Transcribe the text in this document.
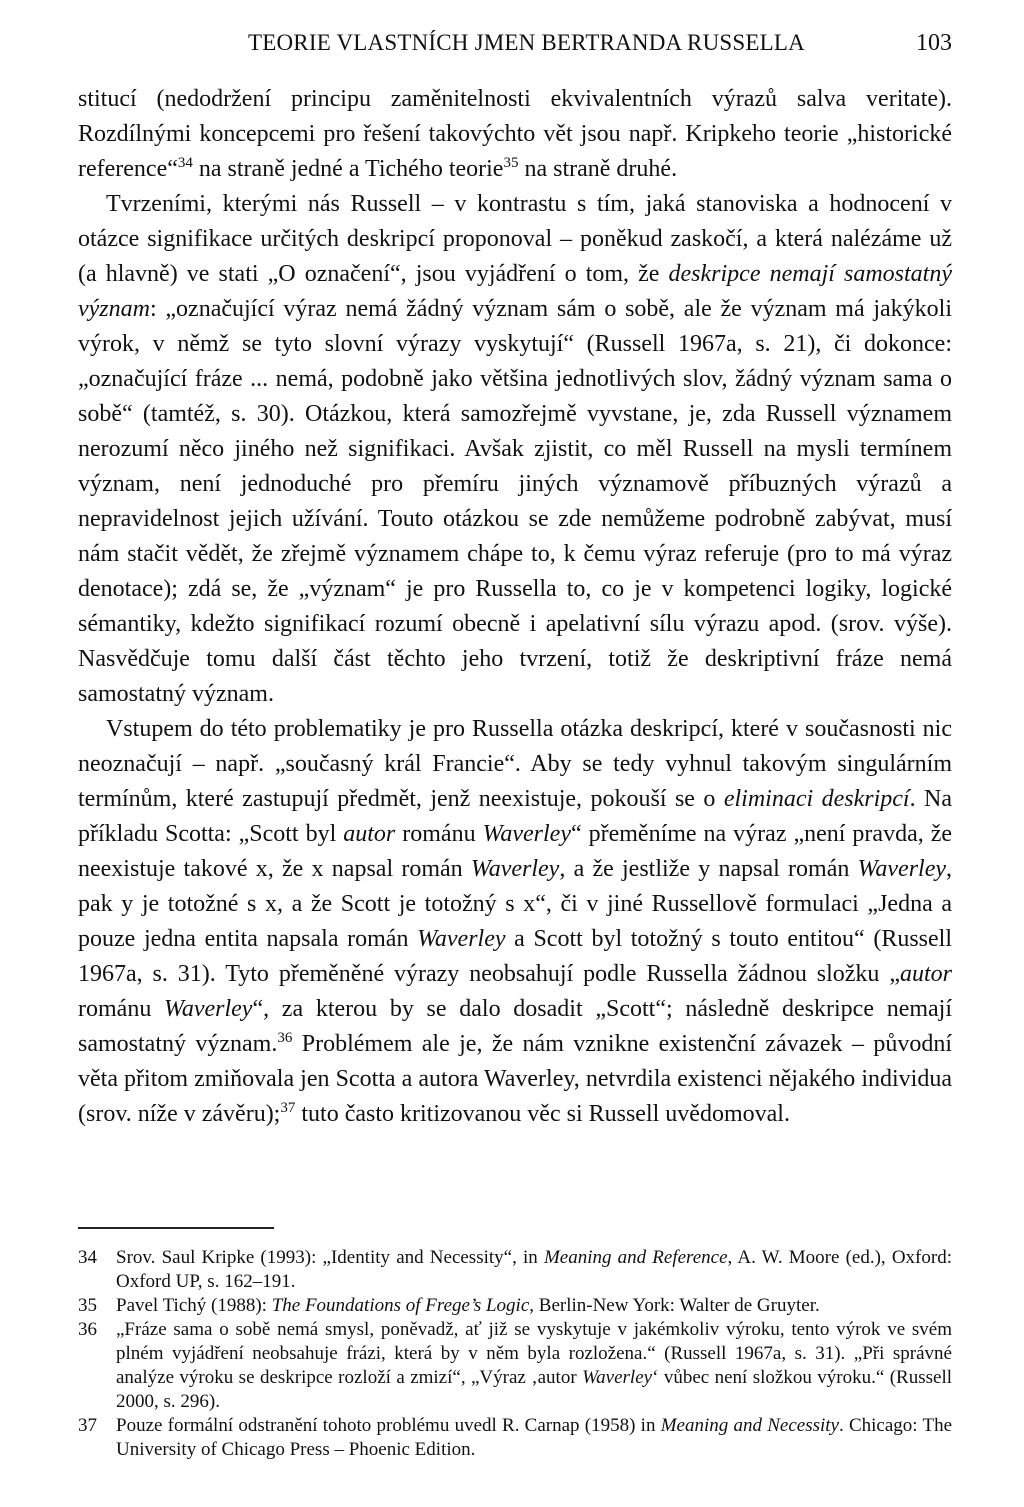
TEORIE VLASTNÍCH JMEN BERTRANDA RUSSELLA	103

stitucí (nedodržení principu zaměnitelnosti ekvivalentních výrazů salva veritate). Rozdílnými koncepcemi pro řešení takovýchto vět jsou např. Kripkeho teorie „historické reference“$^{34}$ na straně jedné a Tichého teorie$^{35}$ na straně druhé.

Tvrzeními, kterými nás Russell – v kontrastu s tím, jaká stanoviska a hodnocení v otázce signifikace určitých deskripcí proponoval – poněkud zaskočí, a která nalézáme už (a hlavně) ve stati „O označení“, jsou vyjádření o tom, že deskripce nemají samostatný význam: „označující výraz nemá žádný význam sám o sobě, ale že význam má jakýkoli výrok, v němž se tyto slovní výrazy vyskytují“ (Russell 1967a, s. 21), či dokonce: „označující fráze ... nemá, podobně jako většina jednotlivých slov, žádný význam sama o sobě“ (tamtéž, s. 30). Otázkou, která samozřejmě vyvstane, je, zda Russell významem nerozumí něco jiného než signifikaci. Avšak zjistit, co měl Russell na mysli termínem význam, není jednoduché pro přemíru jiných významově příbuzných výrazů a nepravidelnost jejich užívání. Touto otázkou se zde nemůžeme podrobně zabývat, musí nám stačit vědět, že zřejmě významem chápe to, k čemu výraz referuje (pro to má výraz denotace); zdá se, že „význam“ je pro Russella to, co je v kompetenci logiky, logické sémantiky, kdežto signifikací rozumí obecně i apelativní sílu výrazu apod. (srov. výše). Nasvědčuje tomu další část těchto jeho tvrzení, totiž že deskriptivní fráze nemá samostatný význam.

Vstupem do této problematiky je pro Russella otázka deskripcí, které v současnosti nic neoznačují – např. „současný král Francie“. Aby se tedy vyhnul takovým singulárním termínům, které zastupují předmět, jenž neexistuje, pokouší se o eliminaci deskripcí. Na příkladu Scotta: „Scott byl autor románu Waverley“ přeměníme na výraz „není pravda, že neexistuje takové x, že x napsal román Waverley, a že jestliže y napsal román Waverley, pak y je totožné s x, a že Scott je totožný s x“, či v jiné Russellově formulaci „Jedna a pouze jedna entita napsala román Waverley a Scott byl totožný s touto entitou“ (Russell 1967a, s. 31). Tyto přeměněné výrazy neobsahují podle Russella žádnou složku „autor románu Waverley“, za kterou by se dalo dosadit „Scott“; následně deskripce nemají samostatný význam.$^{36}$ Problémem ale je, že nám vznikne existenční závazek – původní věta přitom zmiňovala jen Scotta a autora Waverley, netvrdila existenci nějakého individua (srov. níže v závěru);$^{37}$ tuto často kritizovanou věc si Russell uvědomoval.

34 Srov. Saul Kripke (1993): „Identity and Necessity“, in Meaning and Reference, A. W. Moore (ed.), Oxford: Oxford UP, s. 162–191.
35 Pavel Tichý (1988): The Foundations of Frege’s Logic, Berlin-New York: Walter de Gruyter.
36 „Fráze sama o sobě nemá smysl, poněvadž, ať již se vyskytuje v jakémkoliv výroku, tento výrok ve svém plném vyjádření neobsahuje frázi, která by v něm byla rozložena.“ (Russell 1967a, s. 31). „Při správné analýze výroku se deskripce rozloží a zmizí“, „Výraz ‚autor Waverley‘ vůbec není složkou výroku.“ (Russell 2000, s. 296).
37 Pouze formální odstranění tohoto problému uvedl R. Carnap (1958) in Meaning and Necessity. Chicago: The University of Chicago Press – Phoenic Edition.
